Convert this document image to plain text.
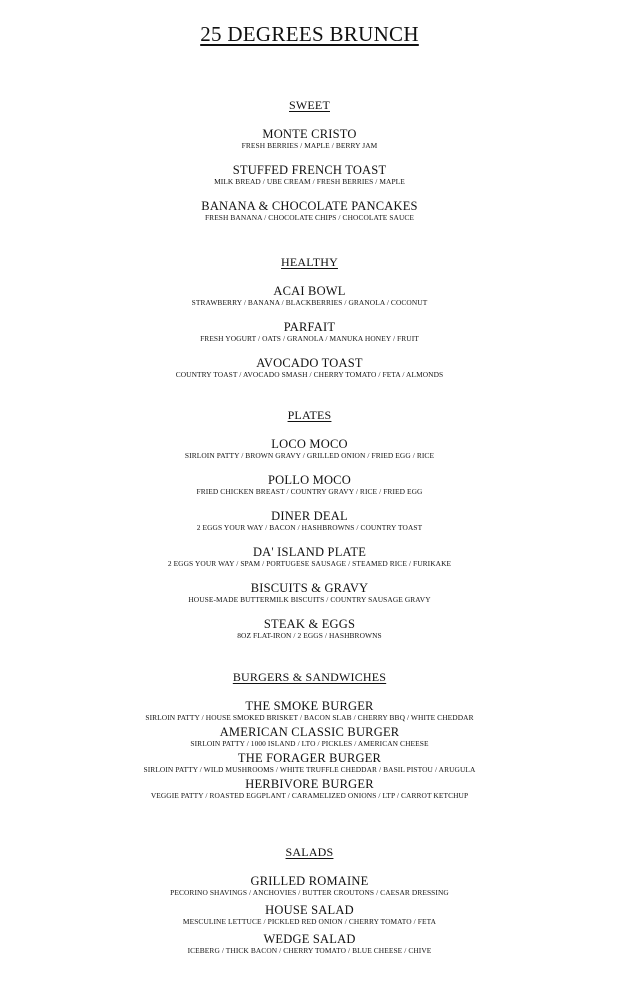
25 DEGREES BRUNCH
SWEET
MONTE CRISTO
FRESH BERRIES / MAPLE / BERRY JAM
STUFFED FRENCH TOAST
MILK BREAD / UBE CREAM / FRESH BERRIES / MAPLE
BANANA & CHOCOLATE PANCAKES
FRESH BANANA / CHOCOLATE CHIPS / CHOCOLATE SAUCE
HEALTHY
ACAI BOWL
STRAWBERRY / BANANA / BLACKBERRIES / GRANOLA / COCONUT
PARFAIT
FRESH YOGURT / OATS / GRANOLA / MANUKA HONEY / FRUIT
AVOCADO TOAST
COUNTRY TOAST / AVOCADO SMASH / CHERRY TOMATO / FETA / ALMONDS
PLATES
LOCO MOCO
SIRLOIN PATTY / BROWN GRAVY / GRILLED ONION / FRIED EGG / RICE
POLLO MOCO
FRIED CHICKEN BREAST / COUNTRY GRAVY / RICE / FRIED EGG
DINER DEAL
2 EGGS YOUR WAY / BACON / HASHBROWNS / COUNTRY TOAST
DA' ISLAND PLATE
2 EGGS YOUR WAY / SPAM / PORTUGESE SAUSAGE / STEAMED RICE / FURIKAKE
BISCUITS & GRAVY
HOUSE-MADE BUTTERMILK BISCUITS / COUNTRY SAUSAGE GRAVY
STEAK & EGGS
8OZ FLAT-IRON / 2 EGGS / HASHBROWNS
BURGERS & SANDWICHES
THE SMOKE BURGER
SIRLOIN PATTY / HOUSE SMOKED BRISKET / BACON SLAB / CHERRY BBQ / WHITE CHEDDAR
AMERICAN CLASSIC BURGER
SIRLOIN PATTY / 1000 ISLAND / LTO / PICKLES / AMERICAN CHEESE
THE FORAGER BURGER
SIRLOIN PATTY / WILD MUSHROOMS / WHITE TRUFFLE CHEDDAR / BASIL PISTOU / ARUGULA
HERBIVORE BURGER
VEGGIE PATTY / ROASTED EGGPLANT / CARAMELIZED ONIONS / LTP / CARROT KETCHUP
SALADS
GRILLED ROMAINE
PECORINO SHAVINGS / ANCHOVIES / BUTTER CROUTONS / CAESAR DRESSING
HOUSE SALAD
MESCULINE LETTUCE / PICKLED RED ONION / CHERRY TOMATO / FETA
WEDGE SALAD
ICEBERG / THICK BACON / CHERRY TOMATO / BLUE CHEESE / CHIVE
